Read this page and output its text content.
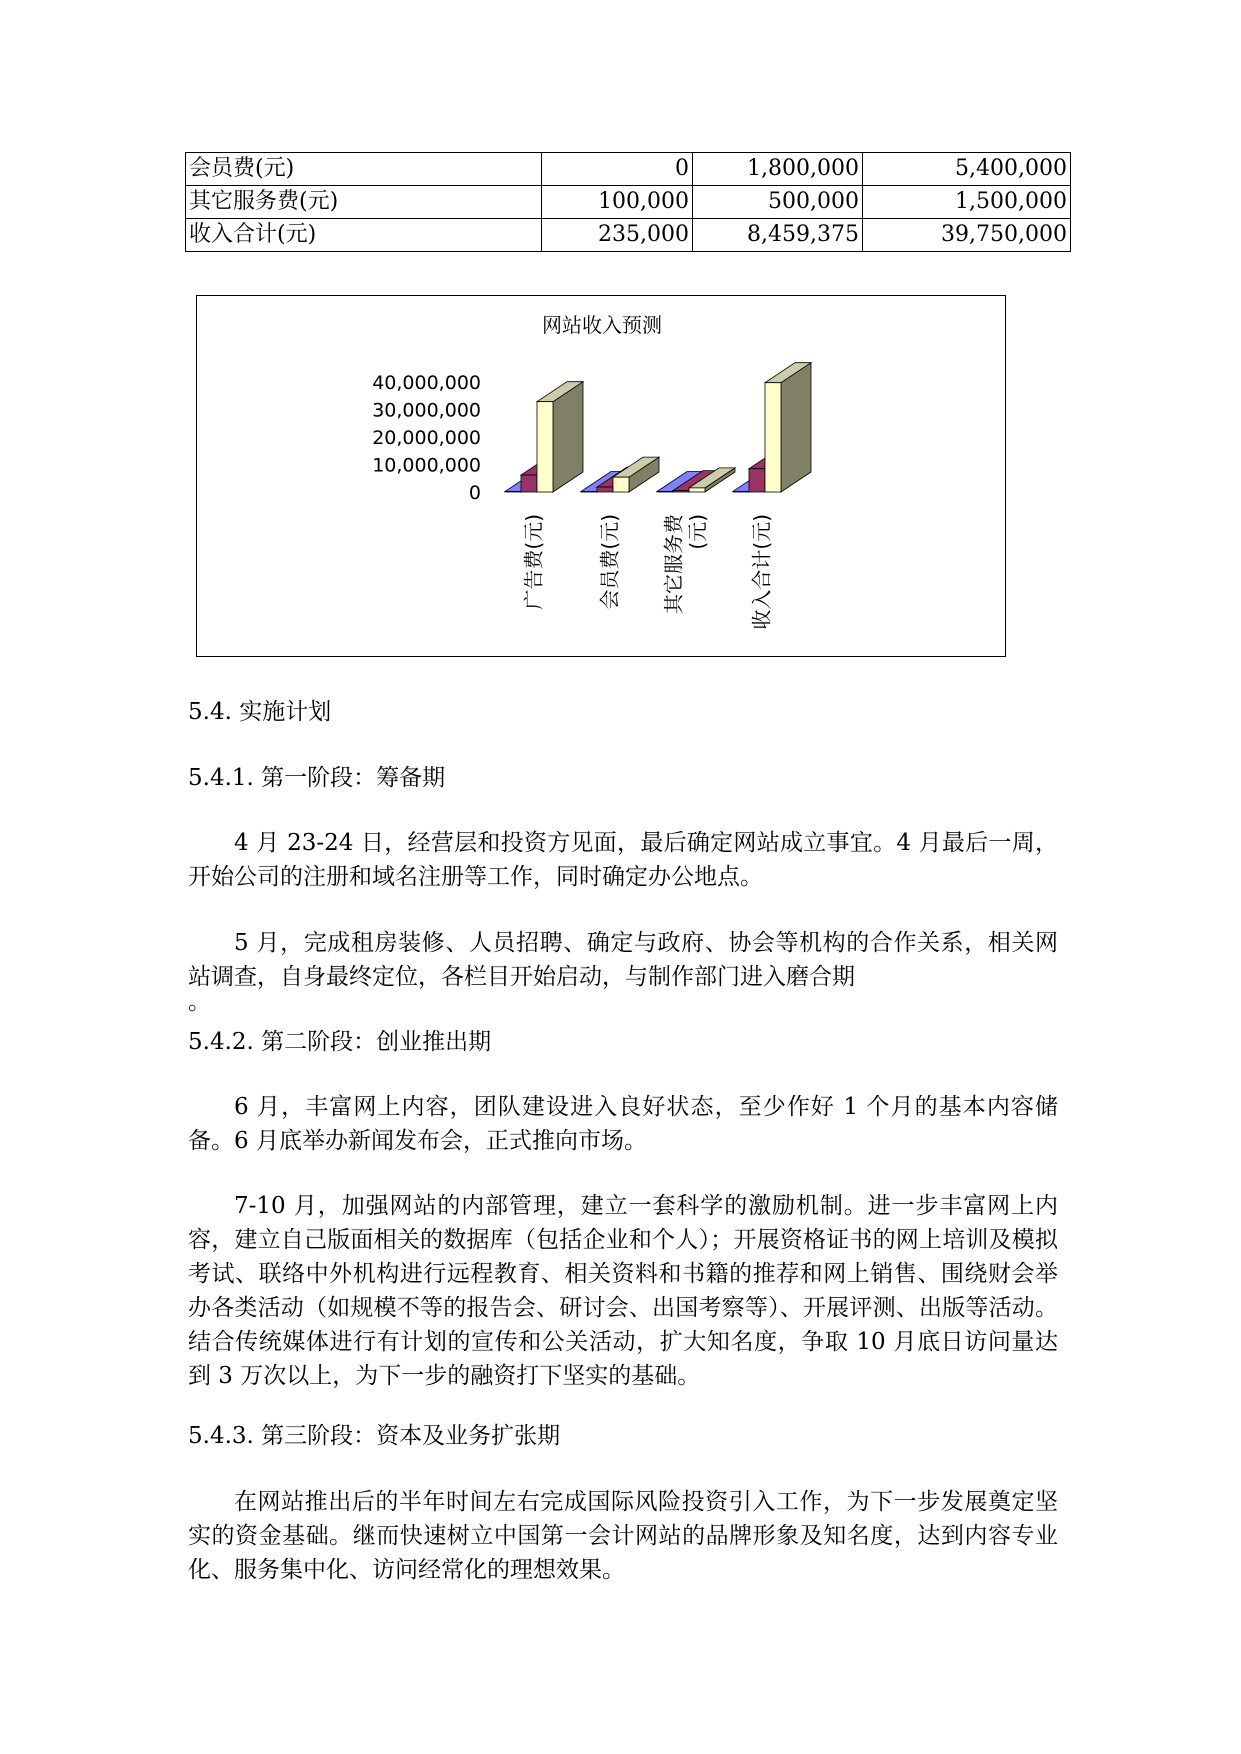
会员费(元)	0	1,800,000	5,400,000
其它服务费(元)	100,000	500,000	1,500,000
收入合计(元)	235,000	8,459,375	39,750,000
网站收入预测
0
10,000,000
20,000,000
30,000,000
40,000,000
广告费(元)	会员费(元) 其它服务费 (元) 收入合计(元)
5.4. 实施计划
5.4.1. 第一阶段：筹备期
4 月 23-24 日，经营层和投资方见面，最后确定网站成立事宜。4 月最后一周，开始公司的注册和域名注册等工作，同时确定办公地点。
5 月，完成租房装修、人员招聘、确定与政府、协会等机构的合作关系，相关网站调查，自身最终定位，各栏目开始启动，与制作部门进入磨合期
。
5.4.2. 第二阶段：创业推出期
6 月，丰富网上内容，团队建设进入良好状态，至少作好 1 个月的基本内容储备。6 月底举办新闻发布会，正式推向市场。
7-10 月，加强网站的内部管理，建立一套科学的激励机制。进一步丰富网上内容，建立自己版面相关的数据库（包括企业和个人）；开展资格证书的网上培训及模拟考试、联络中外机构进行远程教育、相关资料和书籍的推荐和网上销售、围绕财会举办各类活动（如规模不等的报告会、研讨会、出国考察等）、开展评测、出版等活动。结合传统媒体进行有计划的宣传和公关活动，扩大知名度，争取 10 月底日访问量达到 3 万次以上，为下一步的融资打下坚实的基础。
5.4.3. 第三阶段：资本及业务扩张期
在网站推出后的半年时间左右完成国际风险投资引入工作，为下一步发展奠定坚实的资金基础。继而快速树立中国第一会计网站的品牌形象及知名度，达到内容专业化、服务集中化、访问经常化的理想效果。
